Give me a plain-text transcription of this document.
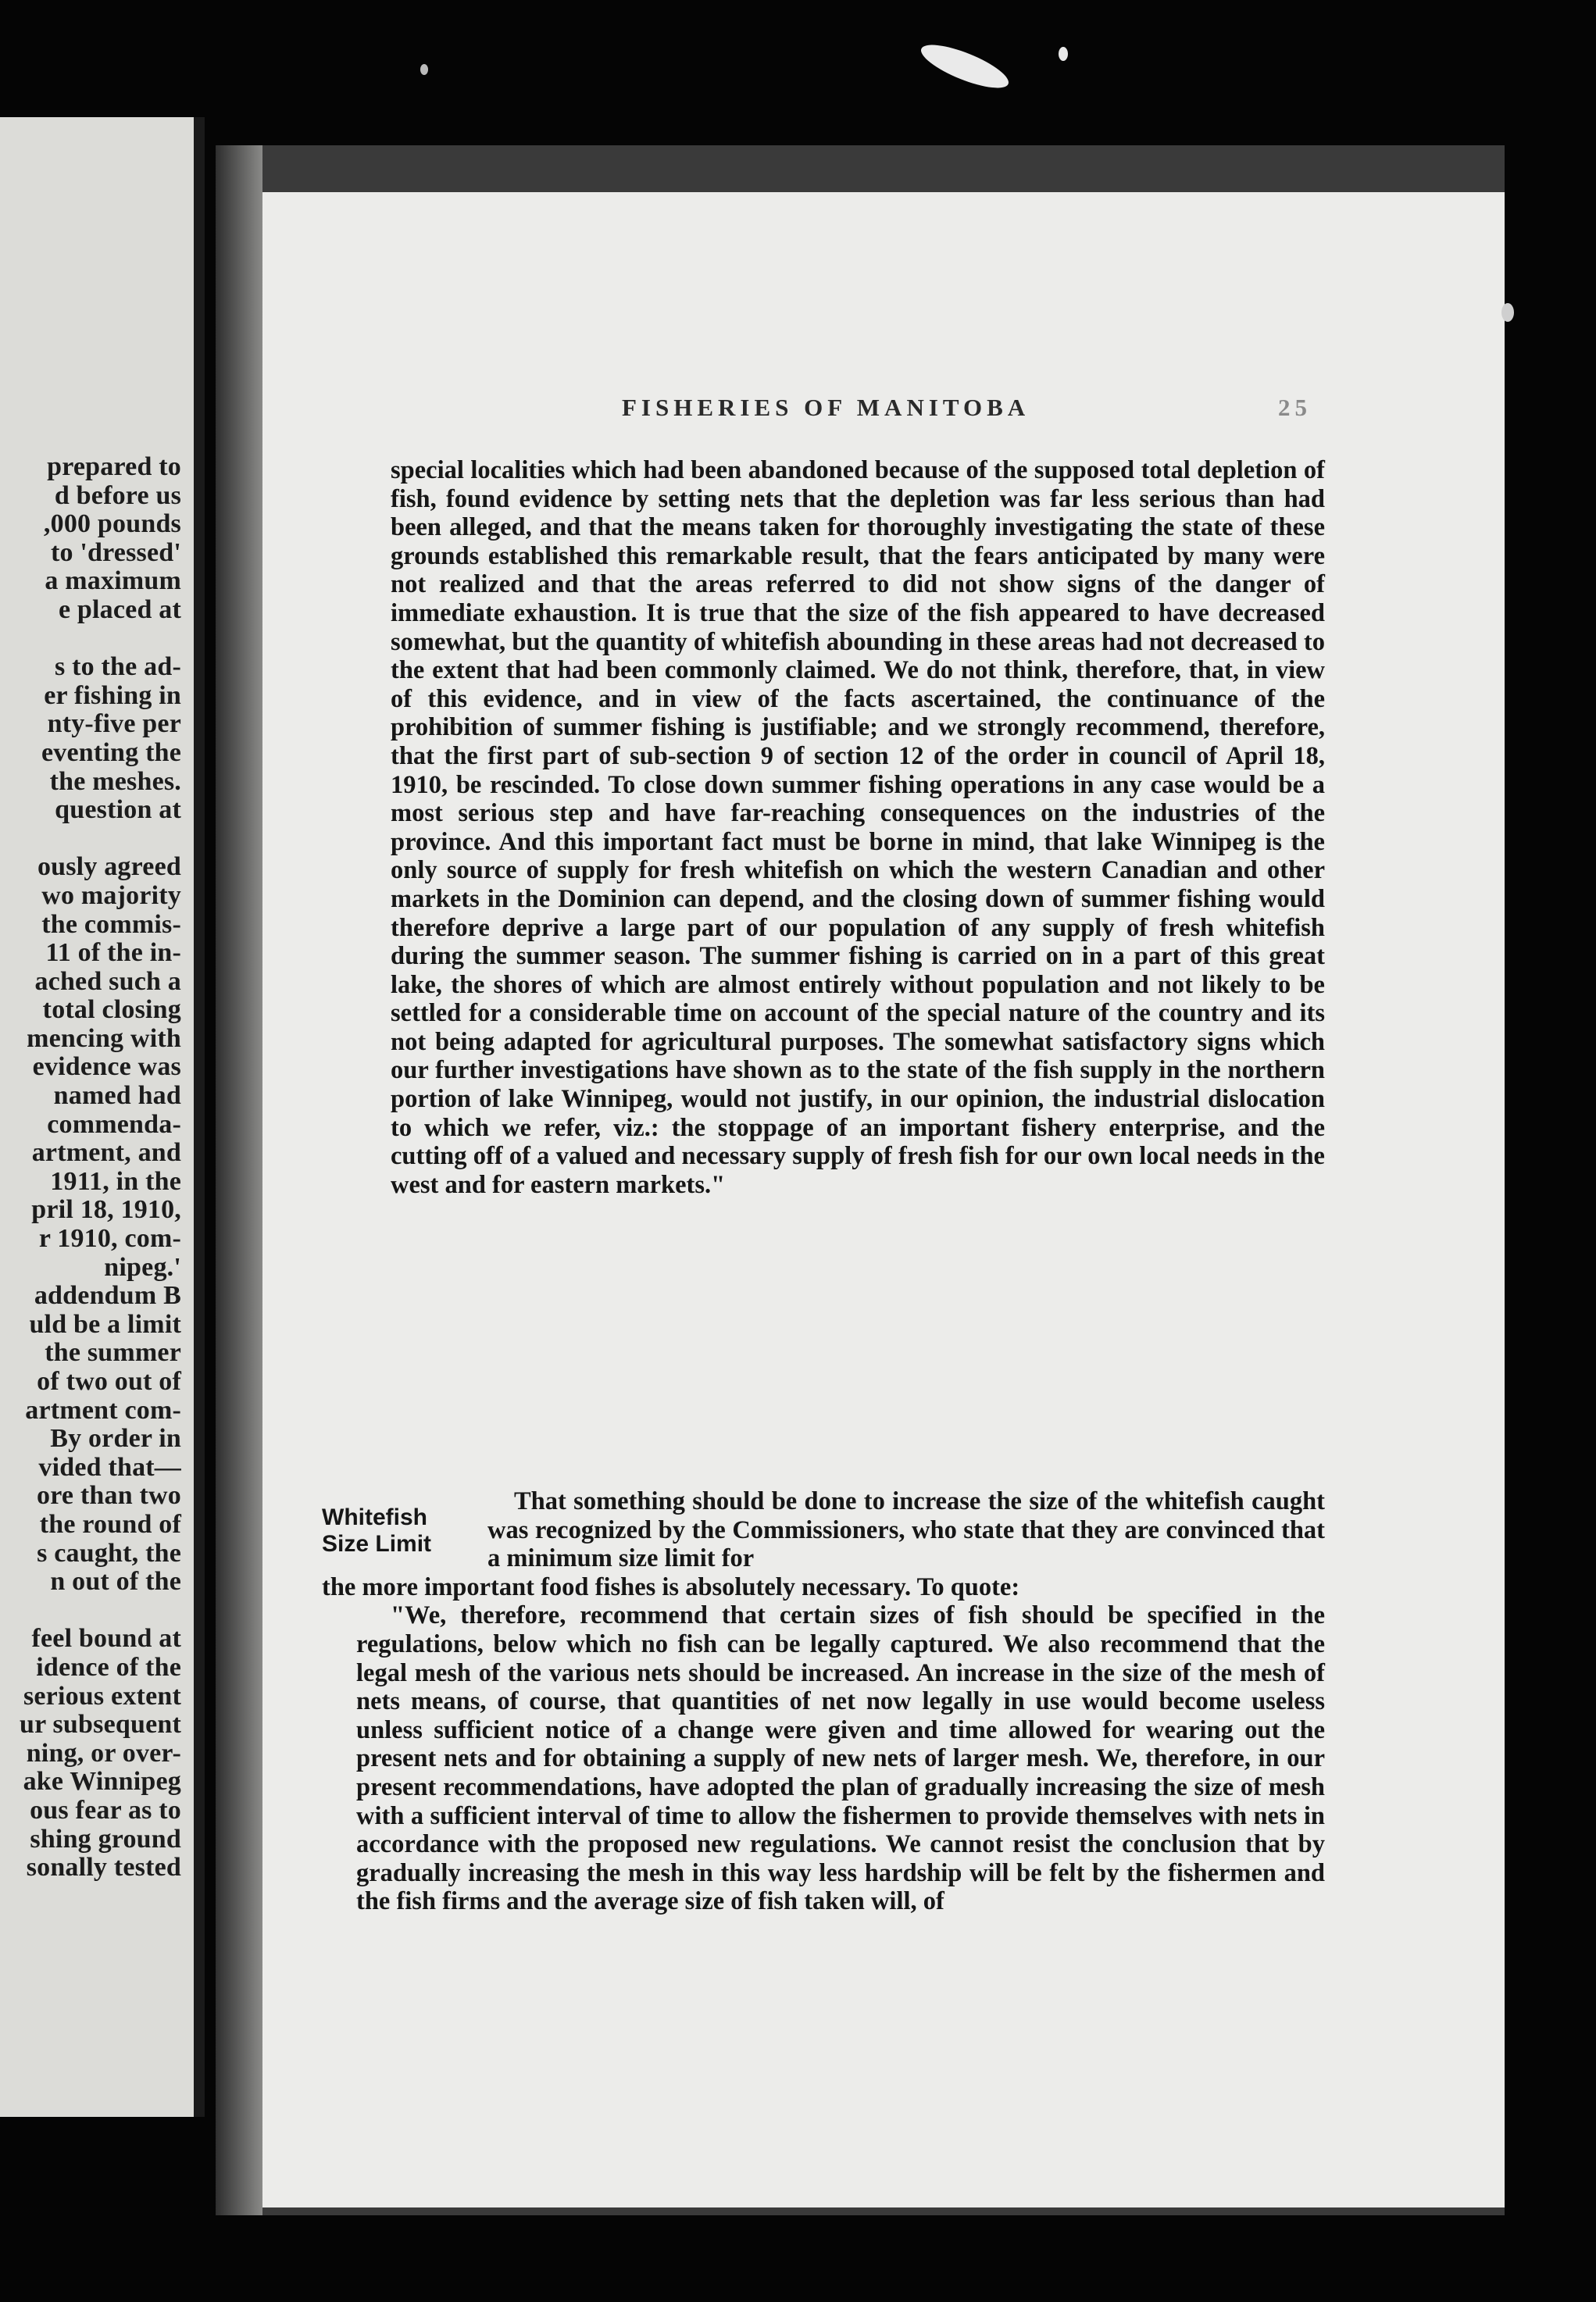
prepared to
d before us
,000 pounds
to 'dressed'
a maximum
e placed at
s to the ad-
er fishing in
nty-five per
eventing the
the meshes.
question at
ously agreed
wo majority
the commis-
11 of the in-
ached such a
total closing
mencing with
evidence was
named had
commenda-
artment, and
1911, in the
pril 18, 1910,
r 1910, com-
nipeg.'
addendum B
uld be a limit
the summer
of two out of
artment com-
By order in
vided that—
ore than two
the round of
s caught, the
n out of the
feel bound at
idence of the
serious extent
ur subsequent
ning, or over-
ake Winnipeg
ous fear as to
shing ground
sonally tested
FISHERIES OF MANITOBA	25

special localities which had been abandoned because of the supposed total depletion of fish, found evidence by setting nets that the depletion was far less serious than had been alleged, and that the means taken for thoroughly investigating the state of these grounds established this remarkable result, that the fears anticipated by many were not realized and that the areas referred to did not show signs of the danger of immediate exhaustion. It is true that the size of the fish appeared to have decreased somewhat, but the quantity of whitefish abounding in these areas had not decreased to the extent that had been commonly claimed. We do not think, therefore, that, in view of this evidence, and in view of the facts ascertained, the continuance of the prohibition of summer fishing is justifiable; and we strongly recommend, therefore, that the first part of sub-section 9 of section 12 of the order in council of April 18, 1910, be rescinded. To close down summer fishing operations in any case would be a most serious step and have far-reaching consequences on the industries of the province. And this important fact must be borne in mind, that lake Winnipeg is the only source of supply for fresh whitefish on which the western Canadian and other markets in the Dominion can depend, and the closing down of summer fishing would therefore deprive a large part of our population of any supply of fresh whitefish during the summer season. The summer fishing is carried on in a part of this great lake, the shores of which are almost entirely without population and not likely to be settled for a considerable time on account of the special nature of the country and its not being adapted for agricultural purposes. The somewhat satisfactory signs which our further investigations have shown as to the state of the fish supply in the northern portion of lake Winnipeg, would not justify, in our opinion, the industrial dislocation to which we refer, viz.: the stoppage of an important fishery enterprise, and the cutting off of a valued and necessary supply of fresh fish for our own local needs in the west and for eastern markets."

That something should be done to increase the size of the whitefish caught was recognized by the Commissioners, who state that they are convinced that a minimum size limit for
the more important food fishes is absolutely necessary. To quote:
"We, therefore, recommend that certain sizes of fish should be specified in the regulations, below which no fish can be legally captured. We also recommend that the legal mesh of the various nets should be increased. An increase in the size of the mesh of nets means, of course, that quantities of net now legally in use would become useless unless sufficient notice of a change were given and time allowed for wearing out the present nets and for obtaining a supply of new nets of larger mesh. We, therefore, in our present recommendations, have adopted the plan of gradually increasing the size of mesh with a sufficient interval of time to allow the fishermen to provide themselves with nets in accordance with the proposed new regulations. We cannot resist the conclusion that by gradually increasing the mesh in this way less hardship will be felt by the fishermen and the fish firms and the average size of fish taken will, of
Whitefish
Size Limit
